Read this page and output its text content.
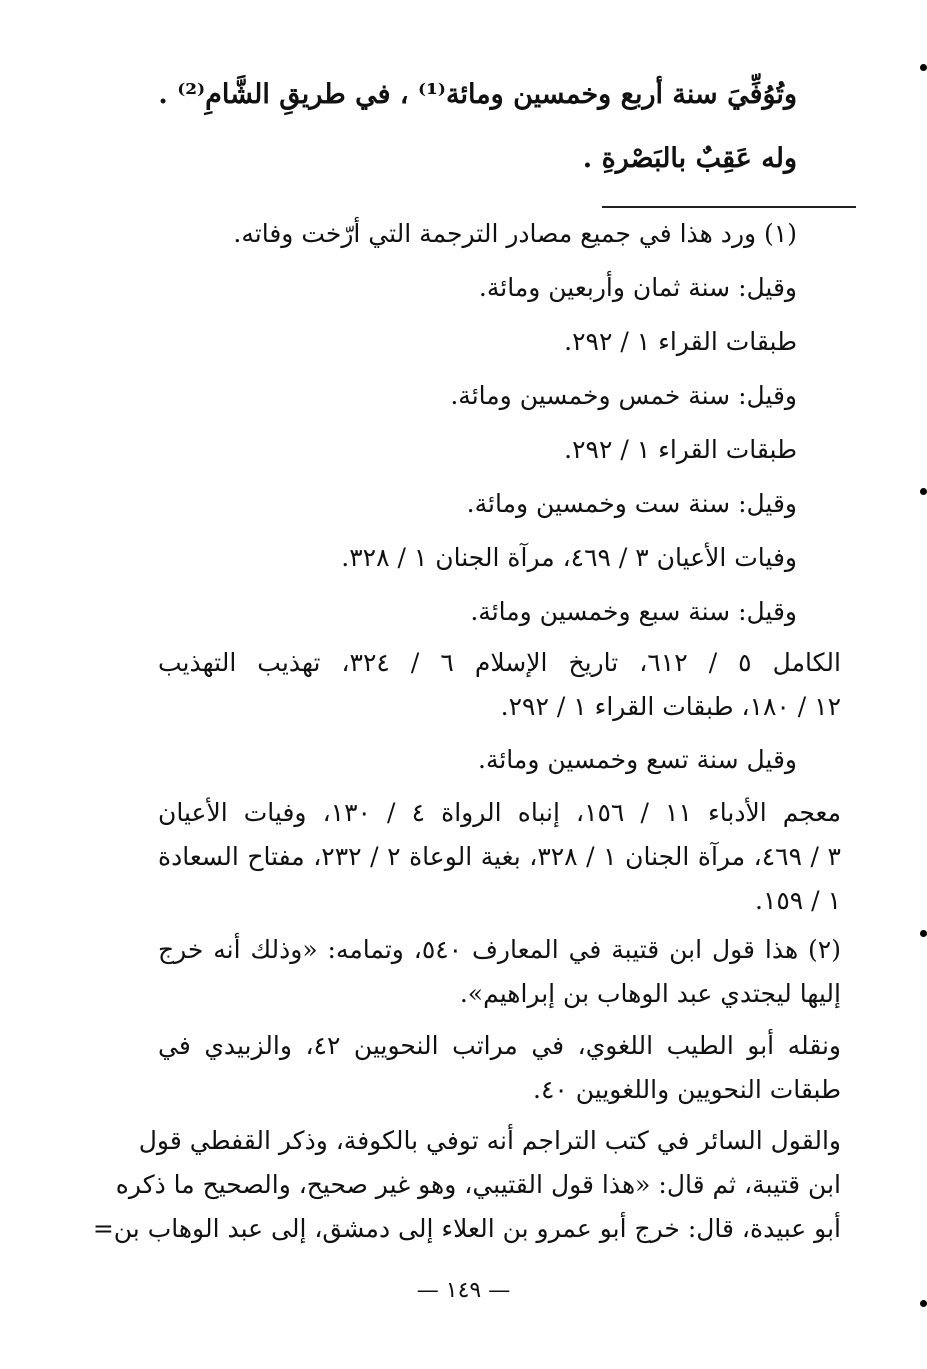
وتُوُفِّيَ سنة أربع وخمسين ومائة⁽¹⁾ ، في طريقِ الشَّامِ⁽²⁾ .
وله عَقِبٌ بالبَصْرةِ .
(١) ورد هذا في جميع مصادر الترجمة التي أرّخت وفاته.
وقيل: سنة ثمان وأربعين ومائة.
طبقات القراء ١ / ٢٩٢.
وقيل: سنة خمس وخمسين ومائة.
طبقات القراء ١ / ٢٩٢.
وقيل: سنة ست وخمسين ومائة.
وفيات الأعيان ٣ / ٤٦٩، مرآة الجنان ١ / ٣٢٨.
وقيل: سنة سبع وخمسين ومائة.
الكامل ٥ / ٦١٢، تاريخ الإسلام ٦ / ٣٢٤، تهذيب التهذيب
١٢ / ١٨٠، طبقات القراء ١ / ٢٩٢.
وقيل سنة تسع وخمسين ومائة.
معجم الأدباء ١١ / ١٥٦، إنباه الرواة ٤ / ١٣٠، وفيات الأعيان
٣ / ٤٦٩، مرآة الجنان ١ / ٣٢٨، بغية الوعاة ٢ / ٢٣٢، مفتاح السعادة
١ / ١٥٩.
(٢) هذا قول ابن قتيبة في المعارف ٥٤٠، وتمامه: «وذلك أنه خرج
إليها ليجتدي عبد الوهاب بن إبراهيم».
ونقله أبو الطيب اللغوي، في مراتب النحويين ٤٢، والزبيدي في
طبقات النحويين واللغويين ٤٠.
والقول السائر في كتب التراجم أنه توفي بالكوفة، وذكر القفطي قول
ابن قتيبة، ثم قال: «هذا قول القتيبي، وهو غير صحيح، والصحيح ما ذكره
أبو عبيدة، قال: خرج أبو عمرو بن العلاء إلى دمشق، إلى عبد الوهاب بن=
— ١٤٩ —
